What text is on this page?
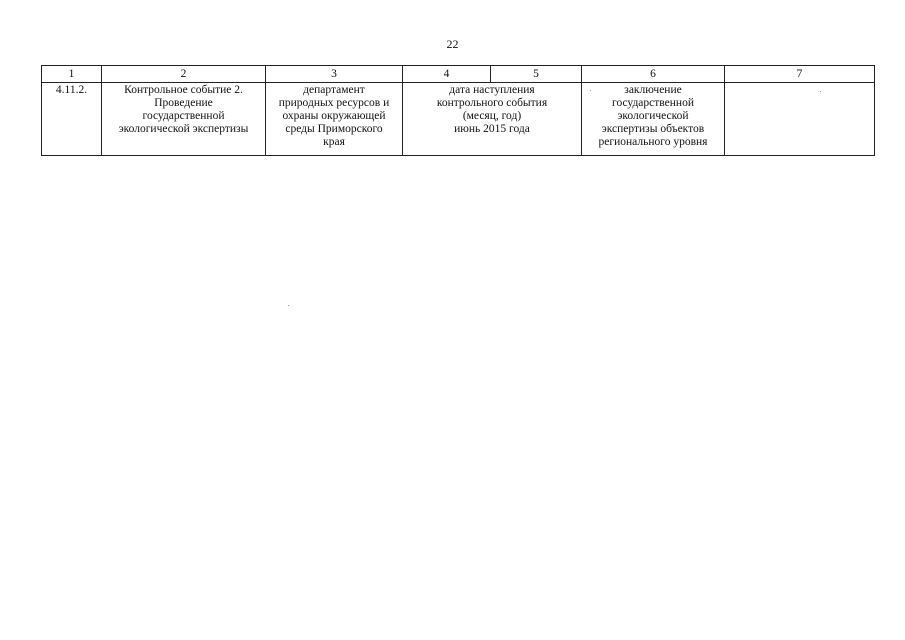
22
1	2	3	4	5	6	7
4.11.2.	Контрольное событие 2.
Проведение
государственной
экологической экспертизы	департамент
природных ресурсов и
охраны окружающей
среды Приморского
края	дата наступления
контрольного события
(месяц, год)
июнь 2015 года		заключение
государственной
экологической
экспертизы объектов
регионального уровня	
